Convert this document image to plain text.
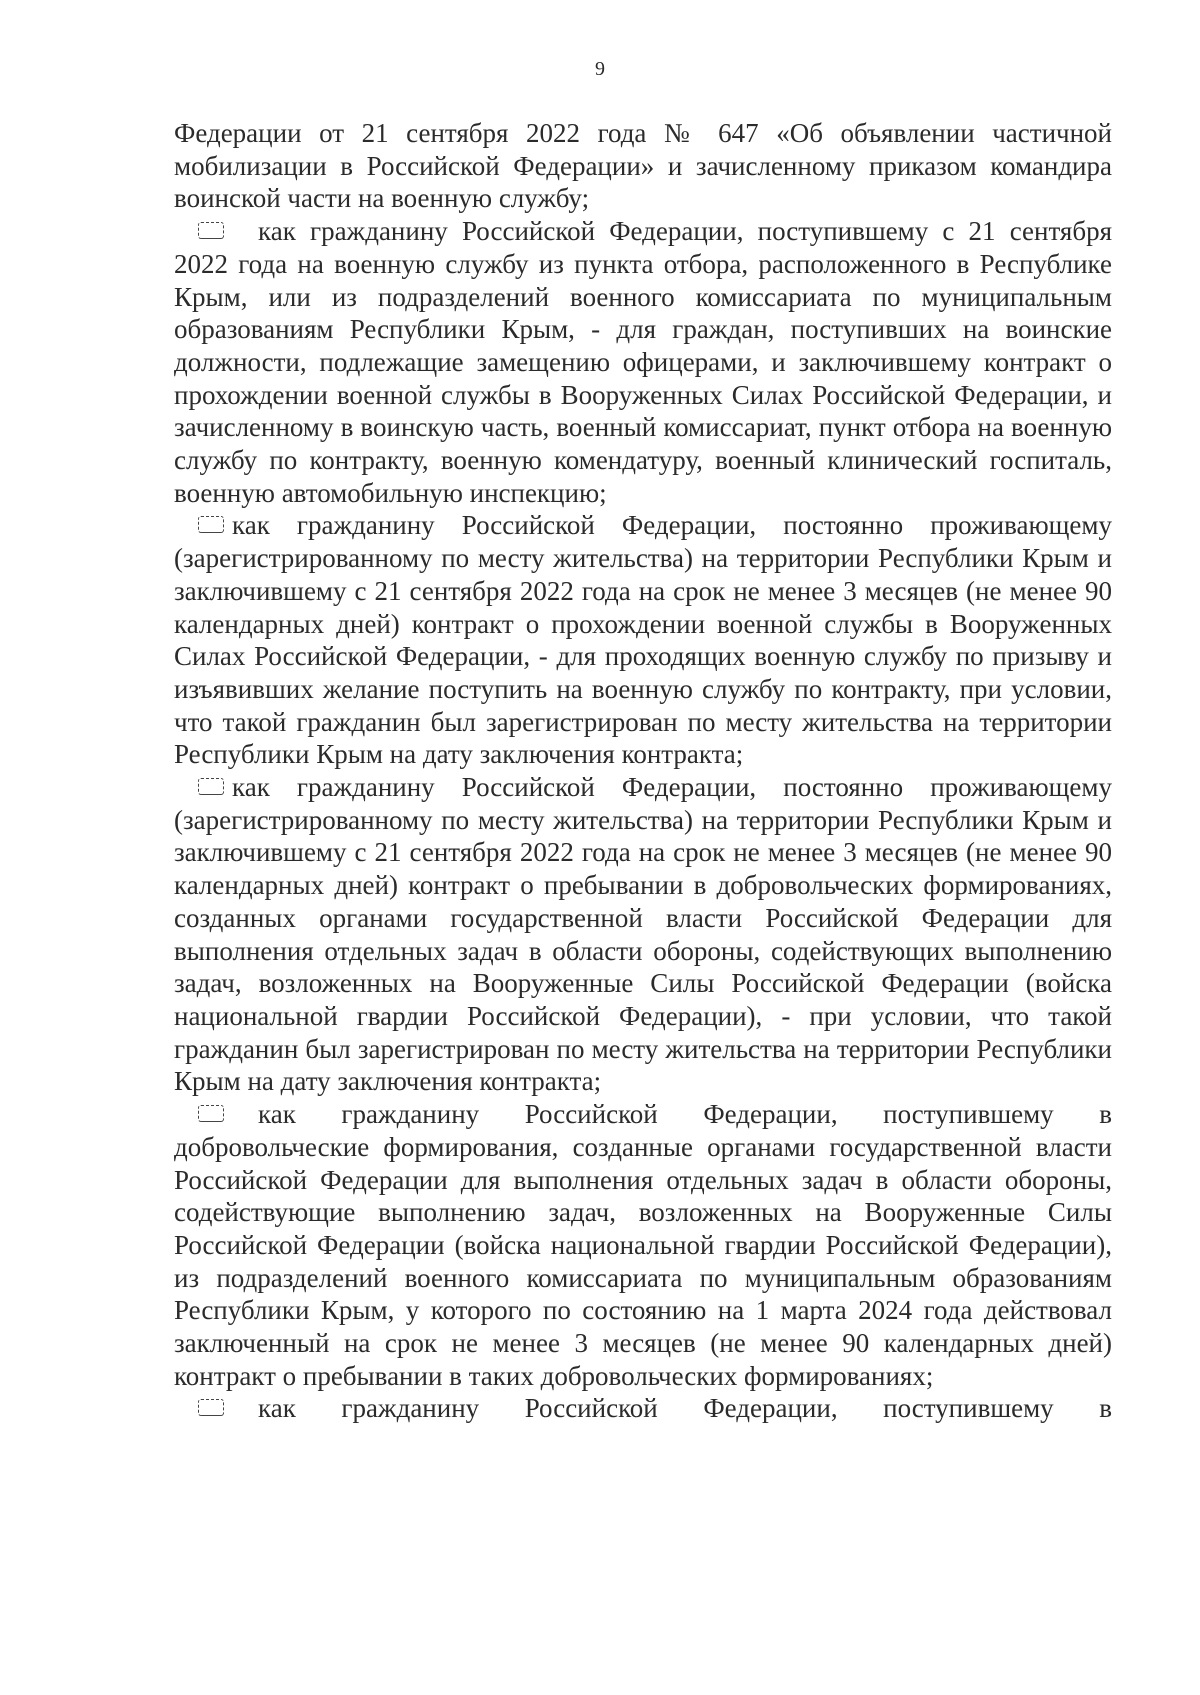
9

Федерации от 21 сентября 2022 года № 647 «Об объявлении частичной мобилизации в Российской Федерации» и зачисленному приказом командира воинской части на военную службу;

как гражданину Российской Федерации, поступившему с 21 сентября 2022 года на военную службу из пункта отбора, расположенного в Республике Крым, или из подразделений военного комиссариата по муниципальным образованиям Республики Крым, - для граждан, поступивших на воинские должности, подлежащие замещению офицерами, и заключившему контракт о прохождении военной службы в Вооруженных Силах Российской Федерации, и зачисленному в воинскую часть, военный комиссариат, пункт отбора на военную службу по контракту, военную комендатуру, военный клинический госпиталь, военную автомобильную инспекцию;

как гражданину Российской Федерации, постоянно проживающему (зарегистрированному по месту жительства) на территории Республики Крым и заключившему с 21 сентября 2022 года на срок не менее 3 месяцев (не менее 90 календарных дней) контракт о прохождении военной службы в Вооруженных Силах Российской Федерации, - для проходящих военную службу по призыву и изъявивших желание поступить на военную службу по контракту, при условии, что такой гражданин был зарегистрирован по месту жительства на территории Республики Крым на дату заключения контракта;

как гражданину Российской Федерации, постоянно проживающему (зарегистрированному по месту жительства) на территории Республики Крым и заключившему с 21 сентября 2022 года на срок не менее 3 месяцев (не менее 90 календарных дней) контракт о пребывании в добровольческих формированиях, созданных органами государственной власти Российской Федерации для выполнения отдельных задач в области обороны, содействующих выполнению задач, возложенных на Вооруженные Силы Российской Федерации (войска национальной гвардии Российской Федерации), - при условии, что такой гражданин был зарегистрирован по месту жительства на территории Республики Крым на дату заключения контракта;

как гражданину Российской Федерации, поступившему в добровольческие формирования, созданные органами государственной власти Российской Федерации для выполнения отдельных задач в области обороны, содействующие выполнению задач, возложенных на Вооруженные Силы Российской Федерации (войска национальной гвардии Российской Федерации), из подразделений военного комиссариата по муниципальным образованиям Республики Крым, у которого по состоянию на 1 марта 2024 года действовал заключенный на срок не менее 3 месяцев (не менее 90 календарных дней) контракт о пребывании в таких добровольческих формированиях;

как гражданину Российской Федерации, поступившему в
